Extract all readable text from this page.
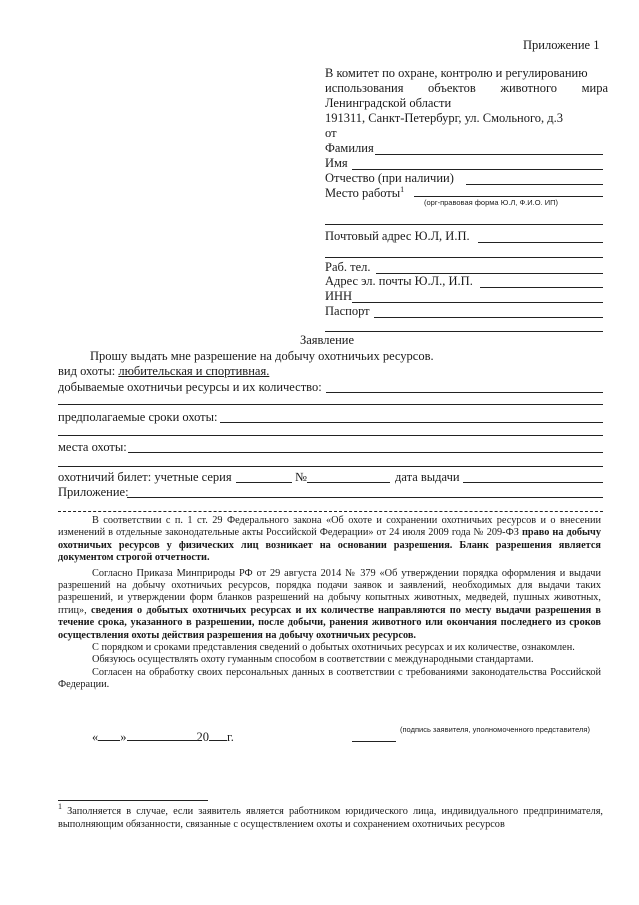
Приложение 1
В комитет по охране, контролю и регулированию
использования объектов животного мира
Ленинградской области
191311, Санкт-Петербург, ул. Смольного, д.3
от
Фамилия
Имя
Отчество (при наличии)
Место работы$^1$
(орг-правовая форма Ю.Л, Ф.И.О. ИП)
Почтовый адрес Ю.Л, И.П.
Раб. тел.
Адрес эл. почты Ю.Л., И.П.
ИНН
Паспорт
Заявление
Прошу выдать мне разрешение на добычу охотничьих ресурсов.
вид охоты: любительская и спортивная.
добываемые охотничьи ресурсы и их количество:
предполагаемые сроки охоты:
места охоты:
охотничий билет: учетные серия	№	дата выдачи
Приложение:

В соответствии с п. 1 ст. 29 Федерального закона «Об охоте и сохранении охотничьих ресурсов и о внесении изменений в отдельные законодательные акты Российской Федерации» от 24 июля 2009 года № 209-ФЗ право на добычу охотничьих ресурсов у физических лиц возникает на основании разрешения. Бланк разрешения является документом строгой отчетности.

Согласно Приказа Минприроды РФ от 29 августа 2014 № 379 «Об утверждении порядка оформления и выдачи разрешений на добычу охотничьих ресурсов, порядка подачи заявок и заявлений, необходимых для выдачи таких разрешений, и утверждении форм бланков разрешений на добычу копытных животных, медведей, пушных животных, птиц», сведения о добытых охотничьих ресурсах и их количестве направляются по месту выдачи разрешения в течение срока, указанного в разрешении, после добычи, ранения животного или окончания последнего из сроков осуществления охоты действия разрешения на добычу охотничьих ресурсов.

С порядком и сроками представления сведений о добытых охотничьих ресурсах и их количестве, ознакомлен.

Обязуюсь осуществлять охоту гуманным способом в соответствии с международными стандартами.

Согласен на обработку своих персональных данных в соответствии с требованиями законодательства Российской Федерации.

« »	20 г.
(подпись заявителя, уполномоченного представителя)
$^1$ Заполняется в случае, если заявитель является работником юридического лица, индивидуального предпринимателя, выполняющим обязанности, связанные с осуществлением охоты и сохранением охотничьих ресурсов
